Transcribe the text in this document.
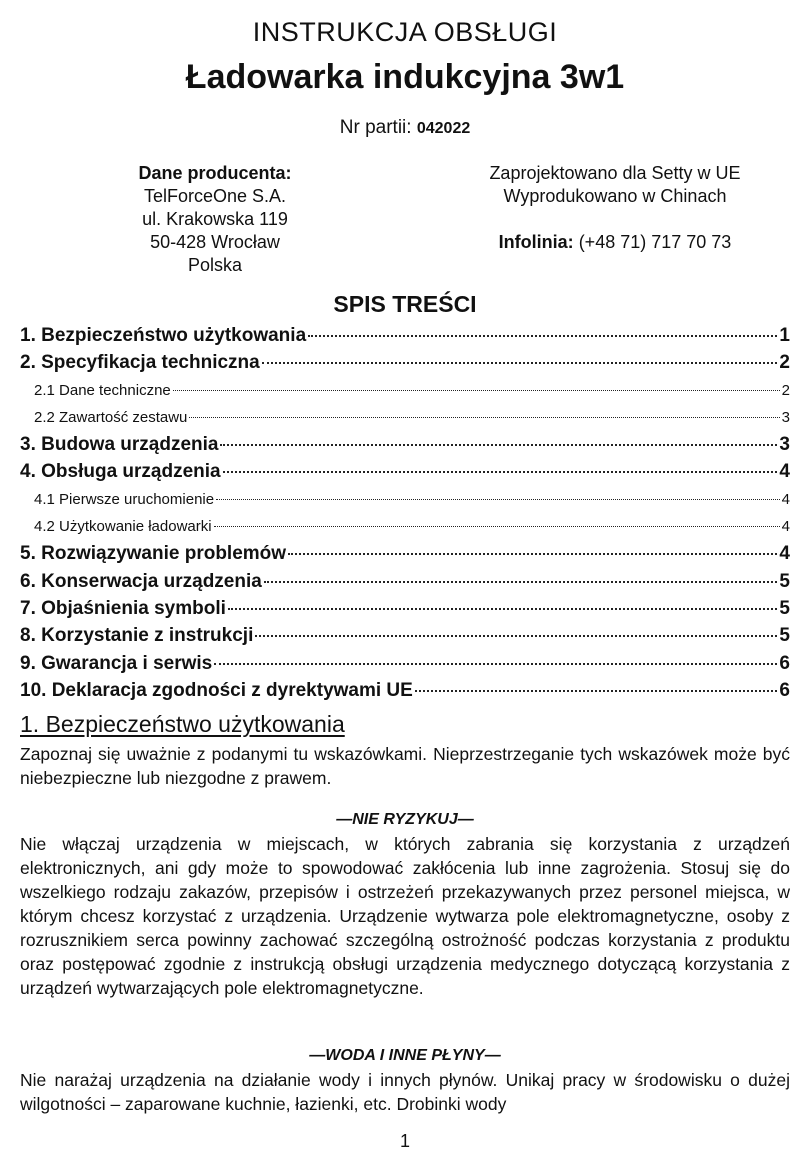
INSTRUKCJA OBSŁUGI
Ładowarka indukcyjna 3w1
Nr partii: 042022
Dane producenta:
TelForceOne S.A.
ul. Krakowska 119
50-428 Wrocław
Polska
Zaprojektowano dla Setty w UE
Wyprodukowano w Chinach
Infolinia: (+48 71) 717 70 73
SPIS TREŚCI
1. Bezpieczeństwo użytkowania	1
2. Specyfikacja techniczna	2
2.1 Dane techniczne	2
2.2 Zawartość zestawu	3
3. Budowa urządzenia	3
4. Obsługa urządzenia	4
4.1 Pierwsze uruchomienie	4
4.2 Użytkowanie ładowarki	4
5. Rozwiązywanie problemów	4
6. Konserwacja urządzenia	5
7. Objaśnienia symboli	5
8. Korzystanie z instrukcji	5
9. Gwarancja i serwis	6
10. Deklaracja zgodności z dyrektywami UE	6
1. Bezpieczeństwo użytkowania
Zapoznaj się uważnie z podanymi tu wskazówkami. Nieprzestrzeganie tych wskazówek może być niebezpieczne lub niezgodne z prawem.
—NIE RYZYKUJ—
Nie włączaj urządzenia w miejscach, w których zabrania się korzystania z urządzeń elektronicznych, ani gdy może to spowodować zakłócenia lub inne zagrożenia. Stosuj się do wszelkiego rodzaju zakazów, przepisów i ostrzeżeń przekazywanych przez personel miejsca, w którym chcesz korzystać z urządzenia. Urządzenie wytwarza pole elektromagnetyczne, osoby z rozrusznikiem serca powinny zachować szczególną ostrożność podczas korzystania z produktu oraz postępować zgodnie z instrukcją obsługi urządzenia medycznego dotyczącą korzystania z urządzeń wytwarzających pole elektromagnetyczne.
—WODA I INNE PŁYNY—
Nie narażaj urządzenia na działanie wody i innych płynów. Unikaj pracy w środowisku o dużej wilgotności – zaparowane kuchnie, łazienki, etc. Drobinki wody
1
